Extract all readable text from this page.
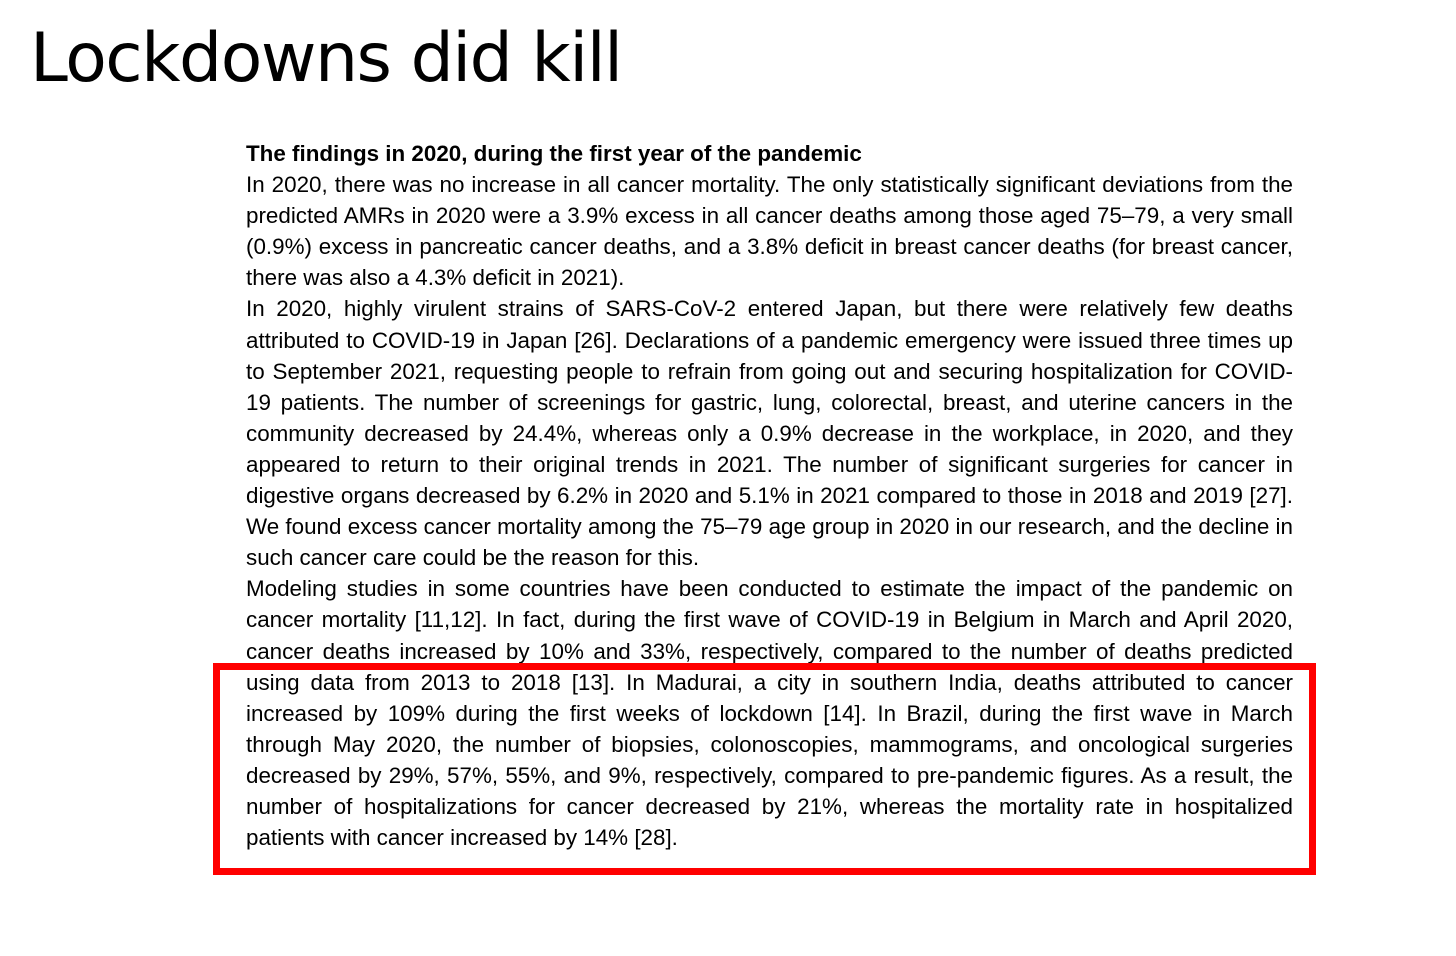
Lockdowns did kill
The findings in 2020, during the first year of the pandemic

In 2020, there was no increase in all cancer mortality. The only statistically significant deviations from the predicted AMRs in 2020 were a 3.9% excess in all cancer deaths among those aged 75–79, a very small (0.9%) excess in pancreatic cancer deaths, and a 3.8% deficit in breast cancer deaths (for breast cancer, there was also a 4.3% deficit in 2021).

In 2020, highly virulent strains of SARS-CoV-2 entered Japan, but there were relatively few deaths attributed to COVID-19 in Japan [26]. Declarations of a pandemic emergency were issued three times up to September 2021, requesting people to refrain from going out and securing hospitalization for COVID-19 patients. The number of screenings for gastric, lung, colorectal, breast, and uterine cancers in the community decreased by 24.4%, whereas only a 0.9% decrease in the workplace, in 2020, and they appeared to return to their original trends in 2021. The number of significant surgeries for cancer in digestive organs decreased by 6.2% in 2020 and 5.1% in 2021 compared to those in 2018 and 2019 [27]. We found excess cancer mortality among the 75–79 age group in 2020 in our research, and the decline in such cancer care could be the reason for this.

Modeling studies in some countries have been conducted to estimate the impact of the pandemic on cancer mortality [11,12]. In fact, during the first wave of COVID-19 in Belgium in March and April 2020, cancer deaths increased by 10% and 33%, respectively, compared to the number of deaths predicted using data from 2013 to 2018 [13]. In Madurai, a city in southern India, deaths attributed to cancer increased by 109% during the first weeks of lockdown [14]. In Brazil, during the first wave in March through May 2020, the number of biopsies, colonoscopies, mammograms, and oncological surgeries decreased by 29%, 57%, 55%, and 9%, respectively, compared to pre-pandemic figures. As a result, the number of hospitalizations for cancer decreased by 21%, whereas the mortality rate in hospitalized patients with cancer increased by 14% [28].
